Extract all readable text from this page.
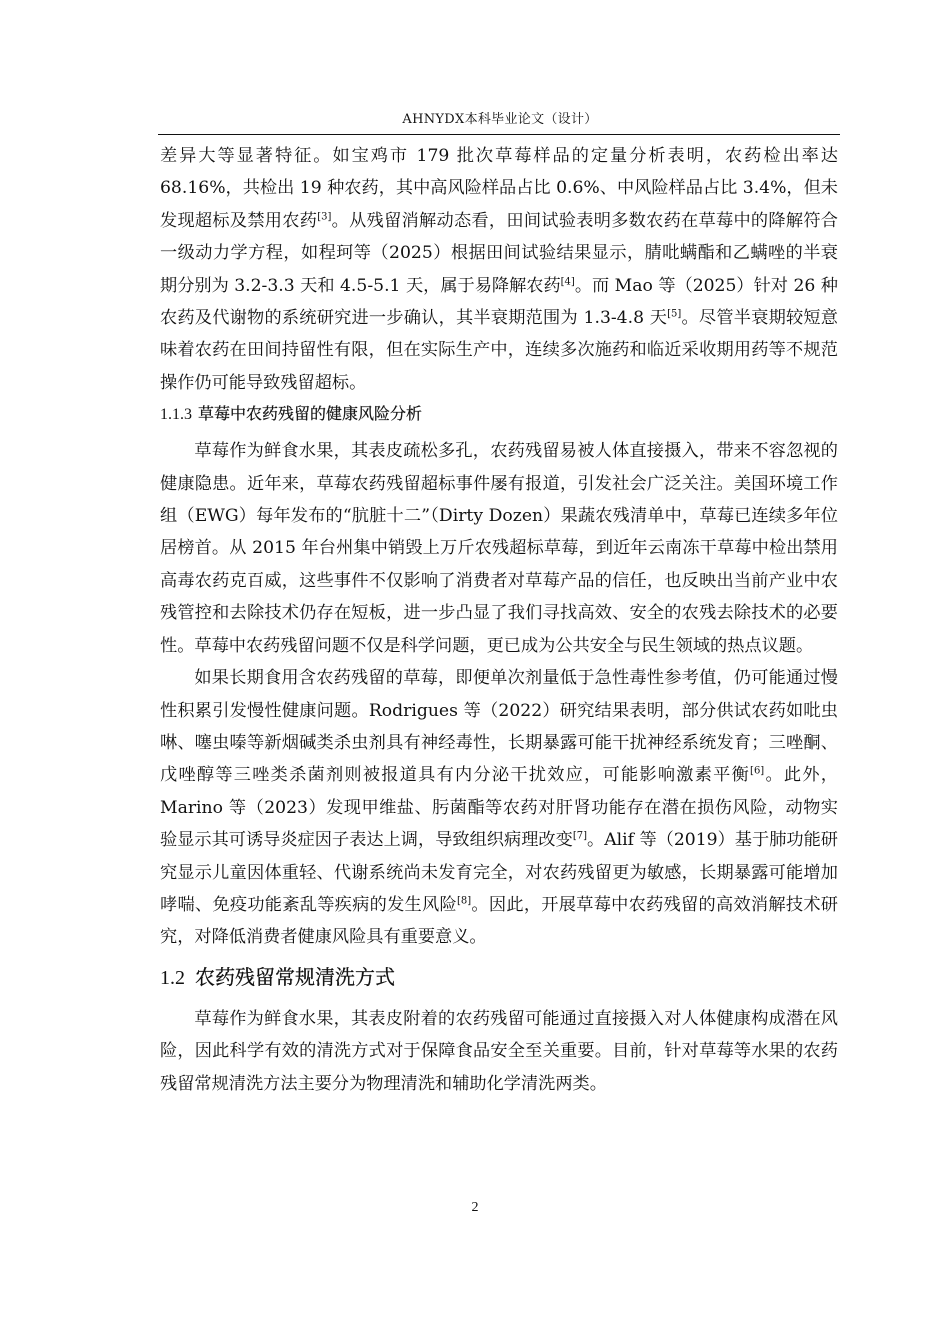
AHNYDX本科毕业论文（设计）

差异大等显著特征。如宝鸡市 179 批次草莓样品的定量分析表明，农药检出率达 68.16%，共检出 19 种农药，其中高风险样品占比 0.6%、中风险样品占比 3.4%，但未发现超标及禁用农药[3]。从残留消解动态看，田间试验表明多数农药在草莓中的降解符合一级动力学方程，如程珂等（2025）根据田间试验结果显示，腈吡螨酯和乙螨唑的半衰期分别为 3.2-3.3 天和 4.5-5.1 天，属于易降解农药[4]。而 Mao 等（2025）针对 26 种农药及代谢物的系统研究进一步确认，其半衰期范围为 1.3-4.8 天[5]。尽管半衰期较短意味着农药在田间持留性有限，但在实际生产中，连续多次施药和临近采收期用药等不规范操作仍可能导致残留超标。

1.1.3 草莓中农药残留的健康风险分析

草莓作为鲜食水果，其表皮疏松多孔，农药残留易被人体直接摄入，带来不容忽视的健康隐患。近年来，草莓农药残留超标事件屡有报道，引发社会广泛关注。美国环境工作组（EWG）每年发布的“肮脏十二”（Dirty Dozen）果蔬农残清单中，草莓已连续多年位居榜首。从 2015 年台州集中销毁上万斤农残超标草莓，到近年云南冻干草莓中检出禁用高毒农药克百威，这些事件不仅影响了消费者对草莓产品的信任，也反映出当前产业中农残管控和去除技术仍存在短板，进一步凸显了我们寻找高效、安全的农残去除技术的必要性。草莓中农药残留问题不仅是科学问题，更已成为公共安全与民生领域的热点议题。

如果长期食用含农药残留的草莓，即便单次剂量低于急性毒性参考值，仍可能通过慢性积累引发慢性健康问题。Rodrigues 等（2022）研究结果表明，部分供试农药如吡虫啉、噻虫嗪等新烟碱类杀虫剂具有神经毒性，长期暴露可能干扰神经系统发育；三唑酮、戊唑醇等三唑类杀菌剂则被报道具有内分泌干扰效应，可能影响激素平衡[6]。此外，Marino 等（2023）发现甲维盐、肟菌酯等农药对肝肾功能存在潜在损伤风险，动物实验显示其可诱导炎症因子表达上调，导致组织病理改变[7]。Alif 等（2019）基于肺功能研究显示儿童因体重轻、代谢系统尚未发育完全，对农药残留更为敏感，长期暴露可能增加哮喘、免疫功能紊乱等疾病的发生风险[8]。因此，开展草莓中农药残留的高效消解技术研究，对降低消费者健康风险具有重要意义。

1.2 农药残留常规清洗方式

草莓作为鲜食水果，其表皮附着的农药残留可能通过直接摄入对人体健康构成潜在风险，因此科学有效的清洗方式对于保障食品安全至关重要。目前，针对草莓等水果的农药残留常规清洗方法主要分为物理清洗和辅助化学清洗两类。

2
